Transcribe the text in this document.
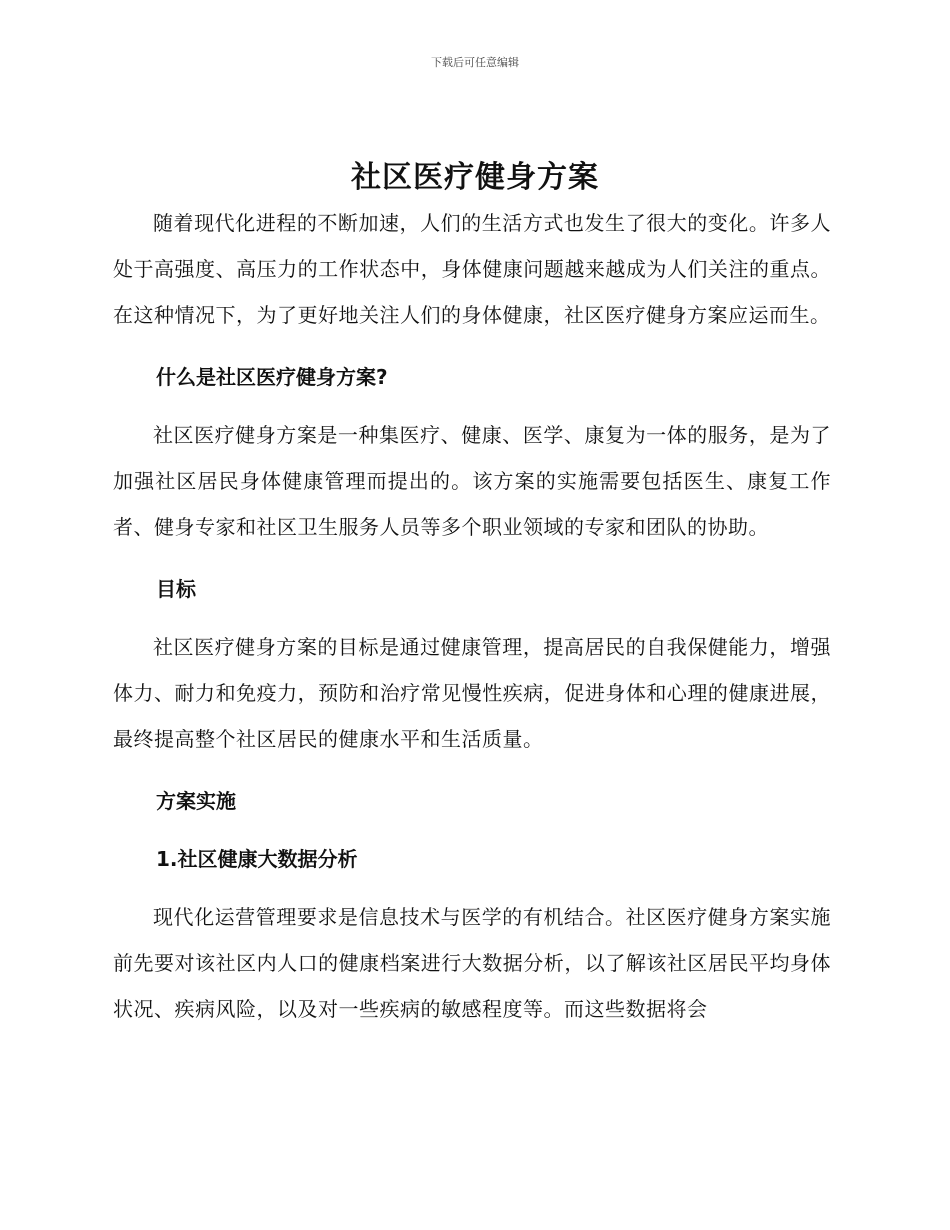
下载后可任意编辑
社区医疗健身方案

随着现代化进程的不断加速，人们的生活方式也发生了很大的变化。许多人处于高强度、高压力的工作状态中，身体健康问题越来越成为人们关注的重点。在这种情况下，为了更好地关注人们的身体健康，社区医疗健身方案应运而生。

什么是社区医疗健身方案?

社区医疗健身方案是一种集医疗、健康、医学、康复为一体的服务，是为了加强社区居民身体健康管理而提出的。该方案的实施需要包括医生、康复工作者、健身专家和社区卫生服务人员等多个职业领域的专家和团队的协助。

目标

社区医疗健身方案的目标是通过健康管理，提高居民的自我保健能力，增强体力、耐力和免疫力，预防和治疗常见慢性疾病，促进身体和心理的健康进展，最终提高整个社区居民的健康水平和生活质量。

方案实施

1.社区健康大数据分析

现代化运营管理要求是信息技术与医学的有机结合。社区医疗健身方案实施前先要对该社区内人口的健康档案进行大数据分析，以了解该社区居民平均身体状况、疾病风险，以及对一些疾病的敏感程度等。而这些数据将会
